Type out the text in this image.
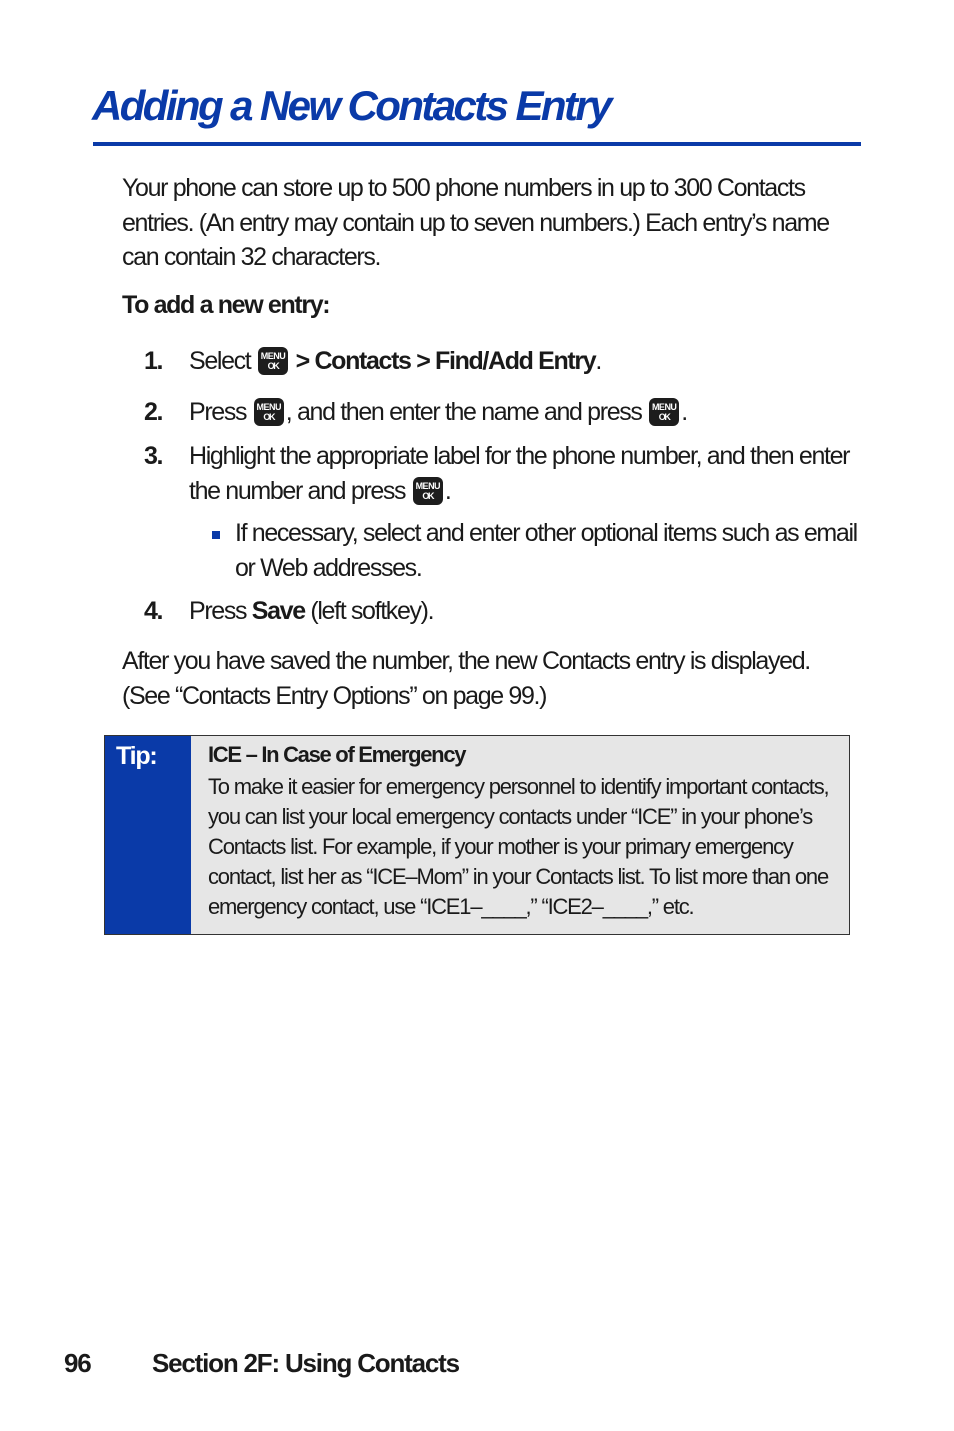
Adding a New Contacts Entry

Your phone can store up to 500 phone numbers in up to 300 Contacts
entries. (An entry may contain up to seven numbers.) Each entry’s name
can contain 32 characters.

To add a new entry:

1.	Select MENU OK > Contacts > Find/Add Entry.
2.	Press MENU OK , and then enter the name and press MENU OK .
3.	Highlight the appropriate label for the phone number, and then enter
the number and press MENU OK .
If necessary, select and enter other optional items such as email
or Web addresses.
4.	Press Save (left softkey).

After you have saved the number, the new Contacts entry is displayed.
(See “Contacts Entry Options” on page 99.)

Tip: ICE – In Case of Emergency

To make it easier for emergency personnel to identify important contacts,
you can list your local emergency contacts under “ICE” in your phone’s
Contacts list. For example, if your mother is your primary emergency
contact, list her as “ICE–Mom” in your Contacts list. To list more than one
emergency contact, use “ICE1–____,” “ICE2–____,” etc.

96 Section 2F: Using Contacts
